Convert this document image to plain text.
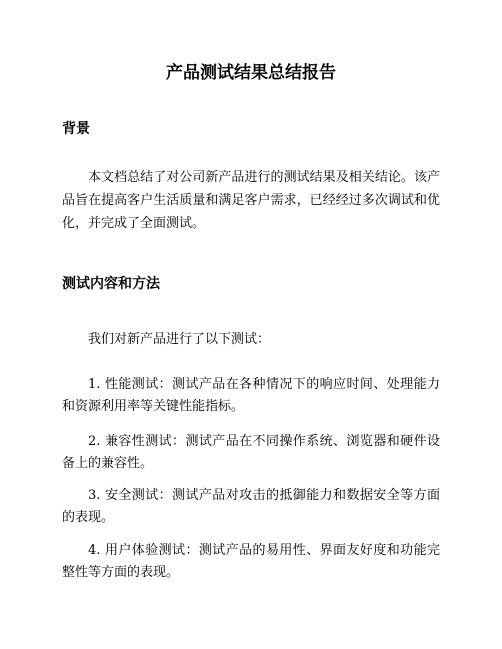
产品测试结果总结报告
背景

本文档总结了对公司新产品进行的测试结果及相关结论。该产品旨在提高客户生活质量和满足客户需求，已经经过多次调试和优化，并完成了全面测试。

测试内容和方法

我们对新产品进行了以下测试：

1. 性能测试：测试产品在各种情况下的响应时间、处理能力和资源利用率等关键性能指标。

2. 兼容性测试：测试产品在不同操作系统、浏览器和硬件设备上的兼容性。

3. 安全测试：测试产品对攻击的抵御能力和数据安全等方面的表现。

4. 用户体验测试：测试产品的易用性、界面友好度和功能完整性等方面的表现。
